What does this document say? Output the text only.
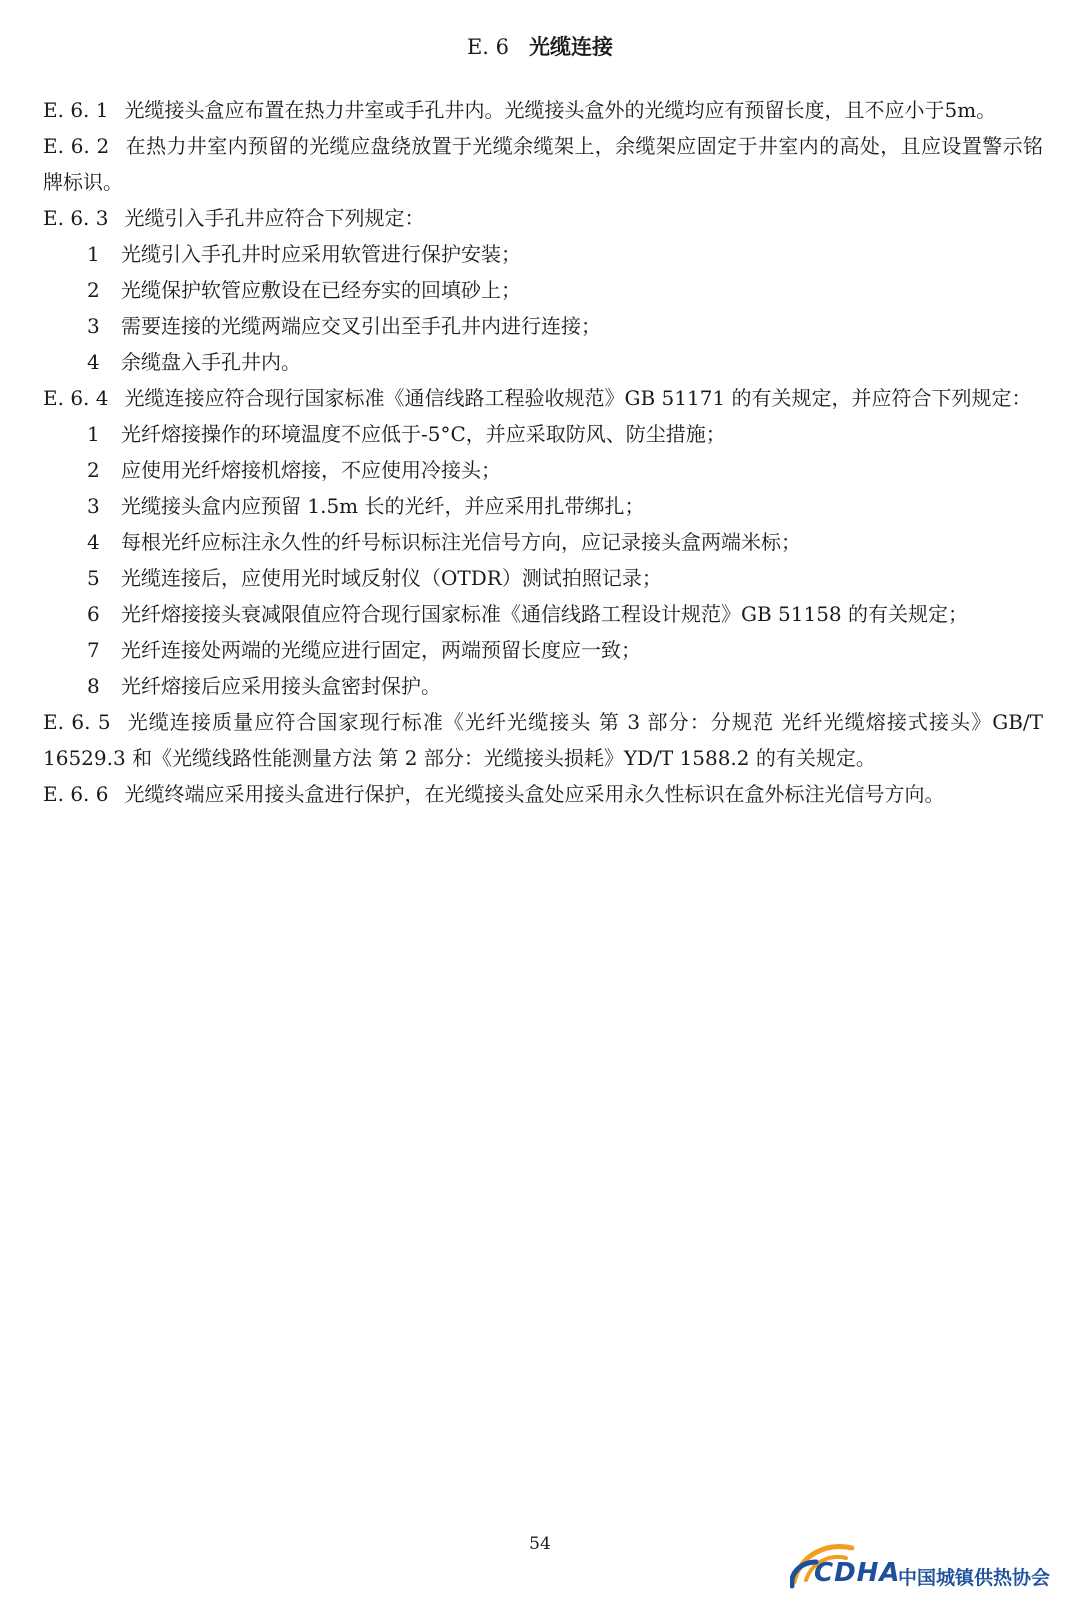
E. 6 光缆连接

E. 6. 1 光缆接头盒应布置在热力井室或手孔井内。光缆接头盒外的光缆均应有预留长度，且不应小于5m。

E. 6. 2 在热力井室内预留的光缆应盘绕放置于光缆余缆架上，余缆架应固定于井室内的高处，且应设置警示铭牌标识。

E. 6. 3 光缆引入手孔井应符合下列规定：

1 光缆引入手孔井时应采用软管进行保护安装；

2 光缆保护软管应敷设在已经夯实的回填砂上；

3 需要连接的光缆两端应交叉引出至手孔井内进行连接；

4 余缆盘入手孔井内。

E. 6. 4 光缆连接应符合现行国家标准《通信线路工程验收规范》GB 51171 的有关规定，并应符合下列规定：

1 光纤熔接操作的环境温度不应低于-5°C，并应采取防风、防尘措施；

2 应使用光纤熔接机熔接，不应使用冷接头；

3 光缆接头盒内应预留 1.5m 长的光纤，并应采用扎带绑扎；

4 每根光纤应标注永久性的纤号标识标注光信号方向，应记录接头盒两端米标；

5 光缆连接后，应使用光时域反射仪（OTDR）测试拍照记录；

6 光纤熔接接头衰减限值应符合现行国家标准《通信线路工程设计规范》GB 51158 的有关规定；

7 光纤连接处两端的光缆应进行固定，两端预留长度应一致；

8 光纤熔接后应采用接头盒密封保护。

E. 6. 5 光缆连接质量应符合国家现行标准《光纤光缆接头 第 3 部分：分规范 光纤光缆熔接式接头》GB/T 16529.3 和《光缆线路性能测量方法 第 2 部分：光缆接头损耗》YD/T 1588.2 的有关规定。

E. 6. 6 光缆终端应采用接头盒进行保护，在光缆接头盒处应采用永久性标识在盒外标注光信号方向。

54
CDHA
中国城镇供热协会
